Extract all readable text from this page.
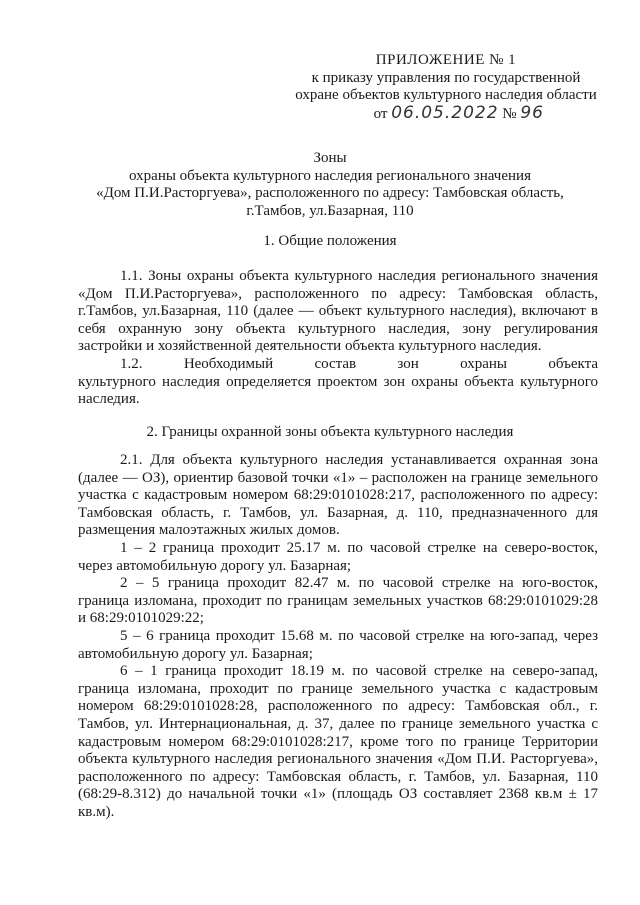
ПРИЛОЖЕНИЕ № 1
к приказу управления по государственной
охране объектов культурного наследия области
от 06.05.2022 № 96
Зоны
охраны объекта культурного наследия регионального значения
«Дом П.И.Расторгуева», расположенного по адресу: Тамбовская область,
г.Тамбов, ул.Базарная, 110
1. Общие положения

1.1. Зоны охраны объекта культурного наследия регионального значения «Дом П.И.Расторгуева», расположенного по адресу: Тамбовская область, г.Тамбов, ул.Базарная, 110 (далее — объект культурного наследия), включают в себя охранную зону объекта культурного наследия, зону регулирования застройки и хозяйственной деятельности объекта культурного наследия.

1.2.	Необходимый	состав	зон	охраны	объекта

культурного наследия определяется проектом зон охраны объекта культурного наследия.

2. Границы охранной зоны объекта культурного наследия

2.1. Для объекта культурного наследия устанавливается охранная зона (далее — ОЗ), ориентир базовой точки «1» – расположен на границе земельного участка с кадастровым номером 68:29:0101028:217, расположенного по адресу: Тамбовская область, г. Тамбов, ул. Базарная, д. 110, предназначенного для размещения малоэтажных жилых домов.

1 – 2 граница проходит 25.17 м. по часовой стрелке на северо-восток, через автомобильную дорогу ул. Базарная;

2 – 5 граница проходит 82.47 м. по часовой стрелке на юго-восток, граница изломана, проходит по границам земельных участков 68:29:0101029:28 и 68:29:0101029:22;

5 – 6 граница проходит 15.68 м. по часовой стрелке на юго-запад, через автомобильную дорогу ул. Базарная;

6 – 1 граница проходит 18.19 м. по часовой стрелке на северо-запад, граница изломана, проходит по границе земельного участка с кадастровым номером 68:29:0101028:28, расположенного по адресу: Тамбовская обл., г. Тамбов, ул. Интернациональная, д. 37, далее по границе земельного участка с кадастровым номером 68:29:0101028:217, кроме того по границе Территории объекта культурного наследия регионального значения «Дом П.И. Расторгуева», расположенного по адресу: Тамбовская область, г. Тамбов, ул. Базарная, 110 (68:29-8.312) до начальной точки «1» (площадь ОЗ составляет 2368 кв.м ± 17 кв.м).
